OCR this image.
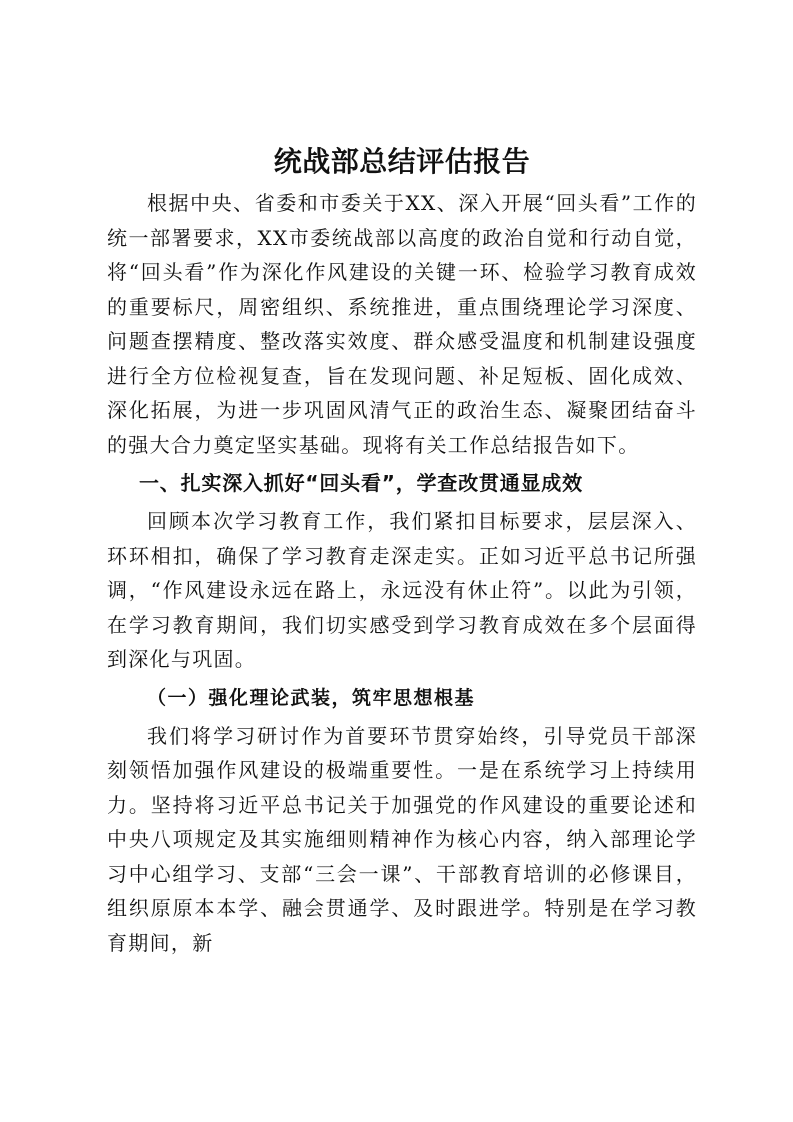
统战部总结评估报告

根据中央、省委和市委关于XX、深入开展“回头看”工作的统一部署要求，XX市委统战部以高度的政治自觉和行动自觉，将“回头看”作为深化作风建设的关键一环、检验学习教育成效的重要标尺，周密组织、系统推进，重点围绕理论学习深度、问题查摆精度、整改落实效度、群众感受温度和机制建设强度进行全方位检视复查，旨在发现问题、补足短板、固化成效、深化拓展，为进一步巩固风清气正的政治生态、凝聚团结奋斗的强大合力奠定坚实基础。现将有关工作总结报告如下。

一、扎实深入抓好“回头看”，学查改贯通显成效

回顾本次学习教育工作，我们紧扣目标要求，层层深入、环环相扣，确保了学习教育走深走实。正如习近平总书记所强调，“作风建设永远在路上，永远没有休止符”。以此为引领，在学习教育期间，我们切实感受到学习教育成效在多个层面得到深化与巩固。

（一）强化理论武装，筑牢思想根基

我们将学习研讨作为首要环节贯穿始终，引导党员干部深刻领悟加强作风建设的极端重要性。一是在系统学习上持续用力。坚持将习近平总书记关于加强党的作风建设的重要论述和中央八项规定及其实施细则精神作为核心内容，纳入部理论学习中心组学习、支部“三会一课”、干部教育培训的必修课目，组织原原本本学、融会贯通学、及时跟进学。特别是在学习教育期间，新
